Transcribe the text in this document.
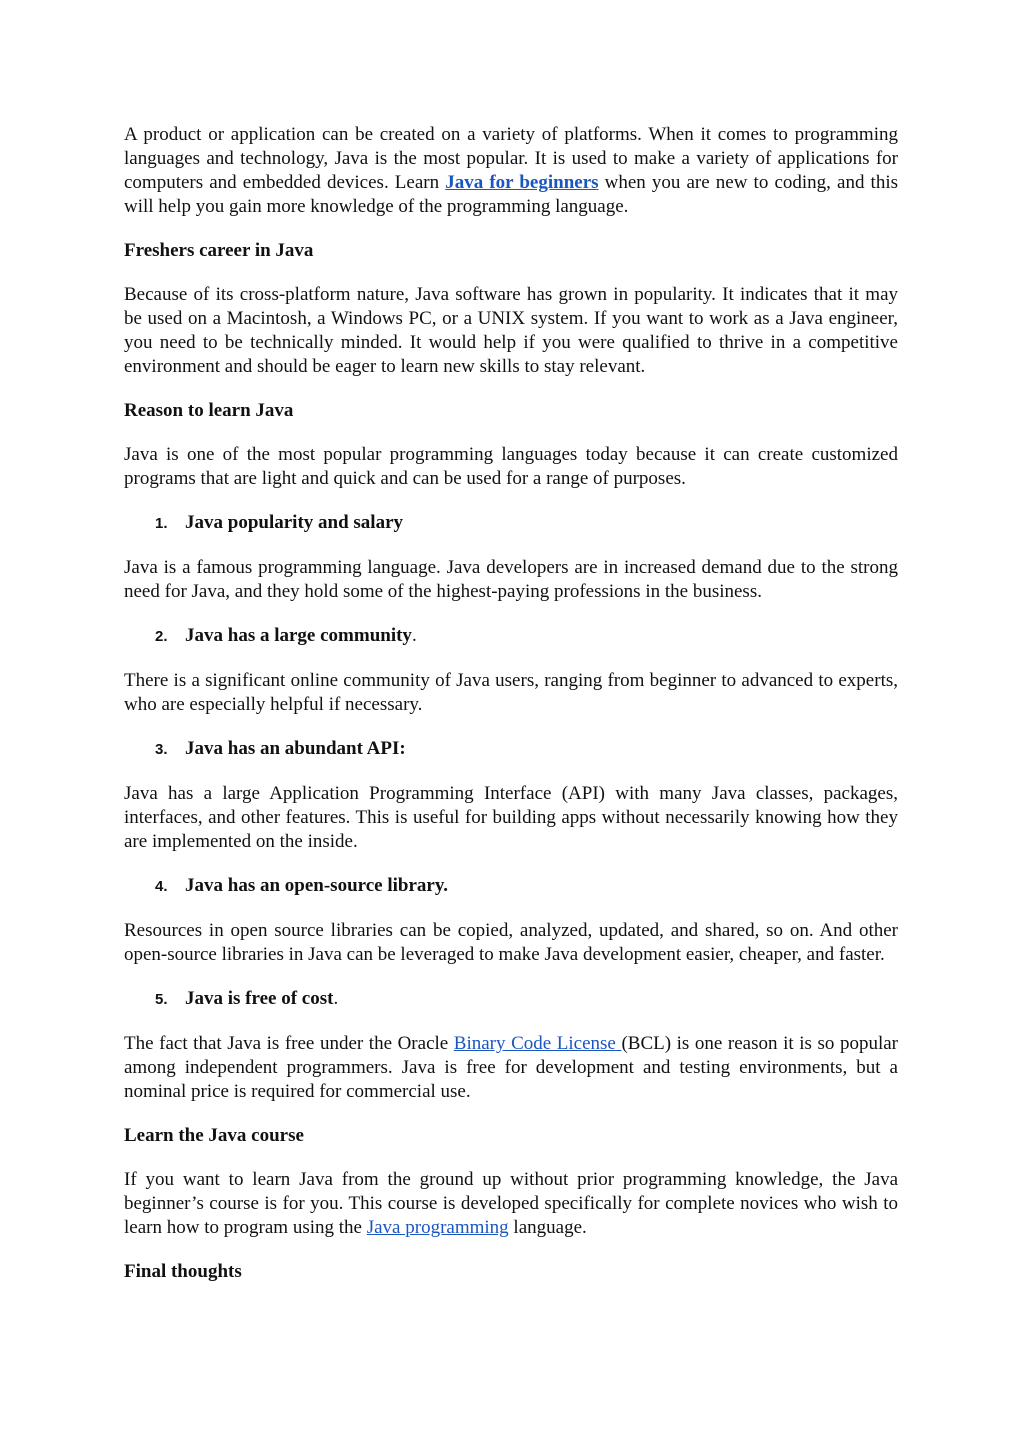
A product or application can be created on a variety of platforms. When it comes to programming languages and technology, Java is the most popular. It is used to make a variety of applications for computers and embedded devices. Learn Java for beginners when you are new to coding, and this will help you gain more knowledge of the programming language.

Freshers career in Java

Because of its cross-platform nature, Java software has grown in popularity. It indicates that it may be used on a Macintosh, a Windows PC, or a UNIX system. If you want to work as a Java engineer, you need to be technically minded. It would help if you were qualified to thrive in a competitive environment and should be eager to learn new skills to stay relevant.

Reason to learn Java

Java is one of the most popular programming languages today because it can create customized programs that are light and quick and can be used for a range of purposes.

1. Java popularity and salary

Java is a famous programming language. Java developers are in increased demand due to the strong need for Java, and they hold some of the highest-paying professions in the business.

2. Java has a large community.

There is a significant online community of Java users, ranging from beginner to advanced to experts, who are especially helpful if necessary.

3. Java has an abundant API:

Java has a large Application Programming Interface (API) with many Java classes, packages, interfaces, and other features. This is useful for building apps without necessarily knowing how they are implemented on the inside.

4. Java has an open-source library.

Resources in open source libraries can be copied, analyzed, updated, and shared, so on. And other open-source libraries in Java can be leveraged to make Java development easier, cheaper, and faster.

5. Java is free of cost.

The fact that Java is free under the Oracle Binary Code License (BCL) is one reason it is so popular among independent programmers. Java is free for development and testing environments, but a nominal price is required for commercial use.

Learn the Java course

If you want to learn Java from the ground up without prior programming knowledge, the Java beginner’s course is for you. This course is developed specifically for complete novices who wish to learn how to program using the Java programming language.

Final thoughts
